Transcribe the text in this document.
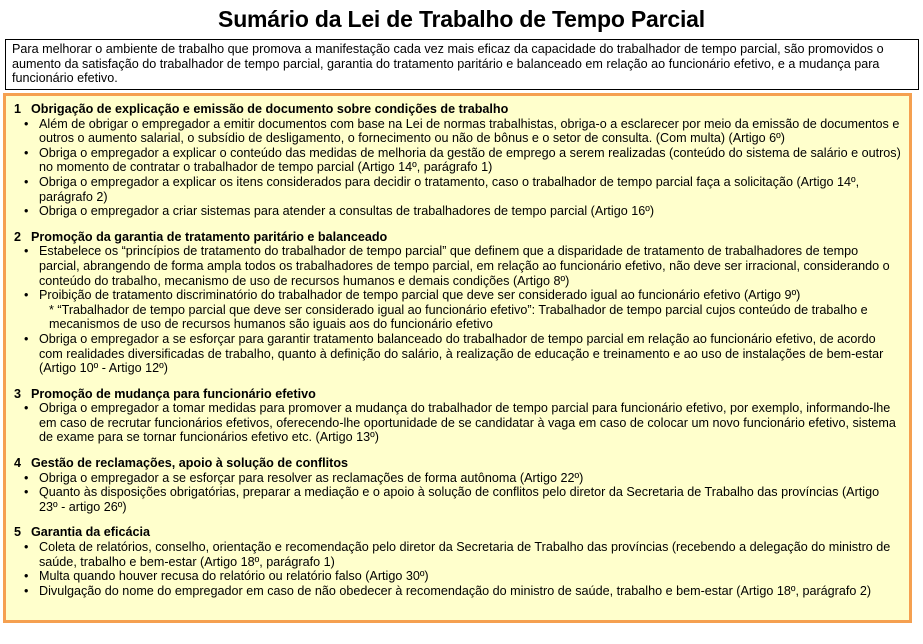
Sumário da Lei de Trabalho de Tempo Parcial
Para melhorar o ambiente de trabalho que promova a manifestação cada vez mais eficaz da capacidade do trabalhador de tempo parcial, são promovidos o aumento da satisfação do trabalhador de tempo parcial, garantia do tratamento paritário e balanceado em relação ao funcionário efetivo, e a mudança para funcionário efetivo.

1 Obrigação de explicação e emissão de documento sobre condições de trabalho

• Além de obrigar o empregador a emitir documentos com base na Lei de normas trabalhistas, obriga-o a esclarecer por meio da emissão de documentos e outros o aumento salarial, o subsídio de desligamento, o fornecimento ou não de bônus e o setor de consulta. (Com multa) (Artigo 6º)
• Obriga o empregador a explicar o conteúdo das medidas de melhoria da gestão de emprego a serem realizadas (conteúdo do sistema de salário e outros) no momento de contratar o trabalhador de tempo parcial (Artigo 14º, parágrafo 1)
• Obriga o empregador a explicar os itens considerados para decidir o tratamento, caso o trabalhador de tempo parcial faça a solicitação (Artigo 14º, parágrafo 2)
• Obriga o empregador a criar sistemas para atender a consultas de trabalhadores de tempo parcial (Artigo 16º)

2 Promoção da garantia de tratamento paritário e balanceado

• Estabelece os “princípios de tratamento do trabalhador de tempo parcial” que definem que a disparidade de tratamento de trabalhadores de tempo parcial, abrangendo de forma ampla todos os trabalhadores de tempo parcial, em relação ao funcionário efetivo, não deve ser irracional, considerando o conteúdo do trabalho, mecanismo de uso de recursos humanos e demais condições (Artigo 8º)
• Proibição de tratamento discriminatório do trabalhador de tempo parcial que deve ser considerado igual ao funcionário efetivo (Artigo 9º)
* “Trabalhador de tempo parcial que deve ser considerado igual ao funcionário efetivo”: Trabalhador de tempo parcial cujos conteúdo de trabalho e mecanismos de uso de recursos humanos são iguais aos do funcionário efetivo
• Obriga o empregador a se esforçar para garantir tratamento balanceado do trabalhador de tempo parcial em relação ao funcionário efetivo, de acordo com realidades diversificadas de trabalho, quanto à definição do salário, à realização de educação e treinamento e ao uso de instalações de bem-estar (Artigo 10º - Artigo 12º)

3 Promoção de mudança para funcionário efetivo

• Obriga o empregador a tomar medidas para promover a mudança do trabalhador de tempo parcial para funcionário efetivo, por exemplo, informando-lhe em caso de recrutar funcionários efetivos, oferecendo-lhe oportunidade de se candidatar à vaga em caso de colocar um novo funcionário efetivo, sistema de exame para se tornar funcionários efetivo etc. (Artigo 13º)

4 Gestão de reclamações, apoio à solução de conflitos

• Obriga o empregador a se esforçar para resolver as reclamações de forma autônoma (Artigo 22º)
• Quanto às disposições obrigatórias, preparar a mediação e o apoio à solução de conflitos pelo diretor da Secretaria de Trabalho das províncias (Artigo 23º - artigo 26º)

5 Garantia da eficácia

• Coleta de relatórios, conselho, orientação e recomendação pelo diretor da Secretaria de Trabalho das províncias (recebendo a delegação do ministro de saúde, trabalho e bem-estar (Artigo 18º, parágrafo 1)
• Multa quando houver recusa do relatório ou relatório falso (Artigo 30º)
• Divulgação do nome do empregador em caso de não obedecer à recomendação do ministro de saúde, trabalho e bem-estar (Artigo 18º, parágrafo 2)
